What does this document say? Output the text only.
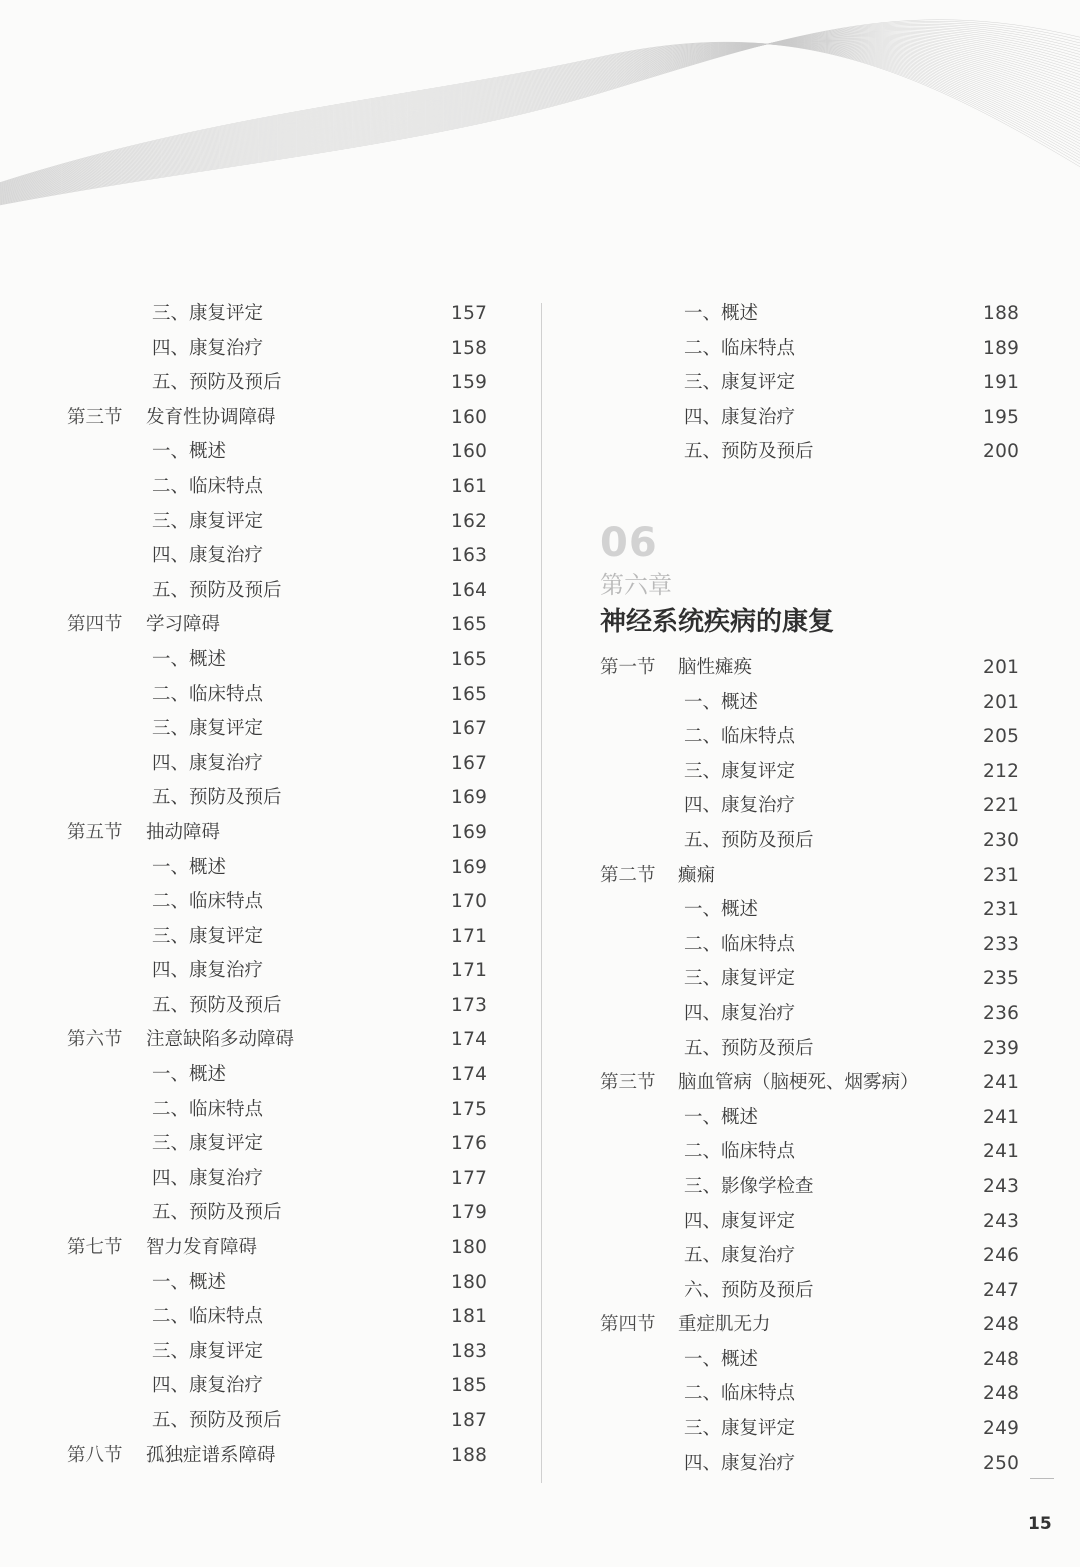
三、康复评定	157
四、康复治疗	158
五、预防及预后	159
第三节 发育性协调障碍	160
一、概述	160
二、临床特点	161
三、康复评定	162
四、康复治疗	163
五、预防及预后	164
第四节 学习障碍	165
一、概述	165
二、临床特点	165
三、康复评定	167
四、康复治疗	167
五、预防及预后	169
第五节 抽动障碍	169
一、概述	169
二、临床特点	170
三、康复评定	171
四、康复治疗	171
五、预防及预后	173
第六节 注意缺陷多动障碍	174
一、概述	174
二、临床特点	175
三、康复评定	176
四、康复治疗	177
五、预防及预后	179
第七节 智力发育障碍	180
一、概述	180
二、临床特点	181
三、康复评定	183
四、康复治疗	185
五、预防及预后	187
第八节 孤独症谱系障碍	188
一、概述	188
二、临床特点	189
三、康复评定	191
四、康复治疗	195
五、预防及预后	200
第一节 脑性瘫痪	201
一、概述	201
二、临床特点	205
三、康复评定	212
四、康复治疗	221
五、预防及预后	230
第二节 癫痫	231
一、概述	231
二、临床特点	233
三、康复评定	235
四、康复治疗	236
五、预防及预后	239
第三节 脑血管病（脑梗死、烟雾病）	241
一、概述	241
二、临床特点	241
三、影像学检查	243
四、康复评定	243
五、康复治疗	246
六、预防及预后	247
第四节 重症肌无力	248
一、概述	248
二、临床特点	248
三、康复评定	249
四、康复治疗	250
06
第六章
神经系统疾病的康复
15
